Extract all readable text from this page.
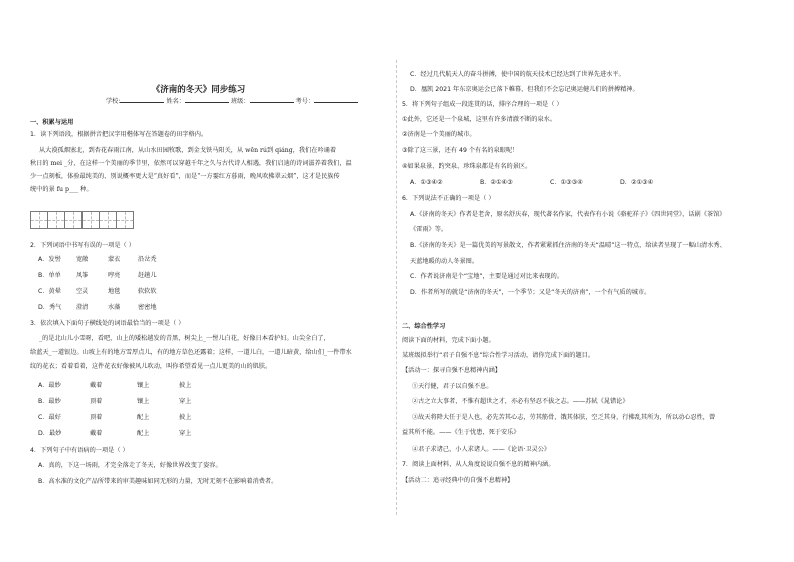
《济南的冬天》同步练习
学校:	姓名：	班级：	考号：
一、积累与运用
1．读下列语段，根据拼音把汉字用楷体写在答题卷的田字格内。
从大漠孤烟塞北，到杏花春雨江南，从山水田园牧歌，到金戈铁马阳关，从 wēn rú到 qiáng，我们在吟诵着
秋日的 mei _分，在这样一个美丽的季节里，依然可以穿越千年之久与古代诗人相遇，我们启迪的诗词滋养着我们，温
少一点刻板，体验最纯美的、别说概率更大是“真好看”，而是“一方霎红方暮雨，晚风吹拂翠云烟”，这才是民族传
统中的景 fu p___ 种。
2．下列词语中书写有误的一项是（ ）
A．发髻 宽敞	蒙衣	沿岔秃
B．单单 凤筝	哼亮	赶趟儿
C．黄晕 空灵	地毯	软软软
D．秀气 澄清	水藻	密密地
3．依次填入下面句子横线处的词语最恰当的一项是（ ）
_的是北山儿小雪呀，看吧，山上的矮松越发的青黑，树尖上_一髻儿白花，好像日本看护妇。山尖全白了，
给蓝天_一道银边。山坡上有的地方雪厚点儿，有的地方草色还露着；这样，一道儿白，一道儿暗黄，给山们_一件带水
纹的花衣；看着看着，这件花衣好像被风儿吹动，叫你希望看见一点儿更美的山的肌肤。
A．最妙	戴着	镶上	披上
B．最妙	顶着	镶上	穿上
C．最好	顶着	配上	披上
D．最妙	戴着	配上	穿上
4．下列句子中有语病的一项是（ ）
A．真的，下这一场雨，才完全落走了冬天，好像世界改变了姿容。
B．高水准的文化产品所带来的审美趣味如同无形的力量，无时无刻不在影响着消费者。
C．经过几代航天人的奋斗拼搏，使中国的航天技术已经达到了世界先进水平。
D．凰凯 2021 年东京奥运会已落下帷幕，但我们不会忘记奥运健儿们的拼搏精神。
5．将下列句子组成一段连贯的话，排序合理的一项是（ ）
①此外，它还是一个泉城，这里有许多清澈不断的泉水。
②济南是一个美丽的城市。
③除了这三景，还有 49 个有名的泉眼呢！
④如果泉景、趵突泉、珍珠泉都是有名的景区。
A．①③④②	B．②①④③	C．①③③④	D．②①③④
6．下列说法不正确的一项是（ ）
A.《济南的冬天》作者是老舍，原名舒庆春，现代著名作家，代表作有小说《骆驼祥子》《四世同堂》，话剧《茶馆》
《雷雨》等。
B.《济南的冬天》是一篇优美的写景散文，作者紧紧抓住济南的冬天“温晴”这一特点，给读者呈现了一幅山清水秀、
天蓝地暖的动人冬景图。
C．作者说济南是个“宝地”，主要是通过对比来表现的。
D．作者所写的就是“济南的冬天”，一个季节；又是“冬天的济南”，一个有气质的城市。
二、综合性学习
阅读下面的材料，完成下面小题。
某班级拟举行“君子自强不息”综合性学习活动，请你完成下面的题目。
【活动一：探寻自强不息精神内涵】
①天行健，君子以自强不息。
②古之立大事者，不惟有超世之才，亦必有坚忍不拔之志。——苏轼《晁错论》
③故天将降大任于是人也，必先苦其心志，劳其筋骨，饿其体肤，空乏其身，行拂乱其所为，所以动心忍性，曾
益其所不能。——《生于忧患，死于安乐》
④君子求诸己，小人求诸人。——《论语·卫灵公》
7．阅读上面材料，从人角度说说自强不息的精神内涵。
【活动二：追寻经典中的自强不息精神】
